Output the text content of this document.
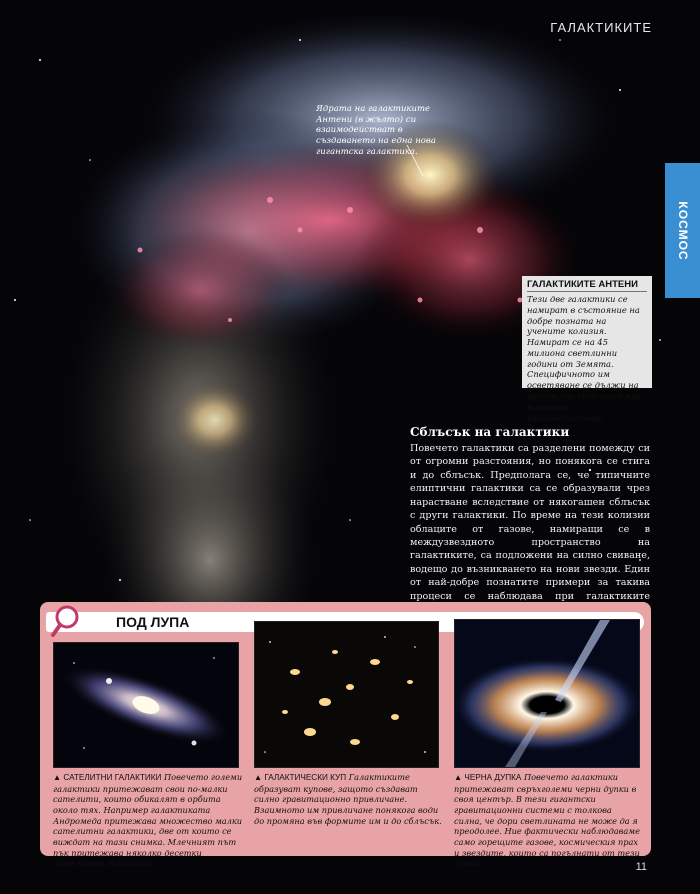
ГАЛАКТИКИТЕ
КОСМОС
Ядрата на галактиките Антени (в жълто) си взаимодействат в създаването на една нова гигантска галактика.
ГАЛАКТИКИТЕ АНТЕНИ
Тези две галактики се намират в състояние на добре позната на учените колизия. Намират се на 45 милиона светлинни години от Земята. Специфичното им осветяване се дължи на звездните експлозии при тяхното взаимодействие.
Сблъсък на галактики
Повечето галактики са разделени помежду си от огромни разстояния, но понякога се стига и до сблъсък. Предполага се, че типичните елиптични галактики са се образували чрез нарастване вследствие от някогашен сблъсък с други галактики. По време на тези колизии облаците от газове, намиращи се в междузвездното пространство на галактиките, са подложени на силно свиване, водещо до възникването на нови звезди. Един от най-добре познатите примери за такива процеси се наблюдава при галактиките
ПОД ЛУПА
▲ САТЕЛИТНИ ГАЛАКТИКИ Повечето големи галактики притежават свои по-малки сателити, които обикалят в орбита около тях. Например галактиката Андромеда притежава множество малки сателитни галактики, две от които се виждат на тази снимка. Млечният път пък притежава няколко десетки сателитни галактики.
▲ ГАЛАКТИЧЕСКИ КУП Галактиките образуват купове, защото създават силно гравитационно привличане. Взаимното им привличане понякога води до промяна във формите им и до сблъсък.
▲ ЧЕРНА ДУПКА Повечето галактики притежават свръхголеми черни дупки в своя център. В тези гигантски гравитационни системи с толкова силна, че дори светлината не може да я преодолее. Ние фактически наблюдаваме само горещите газове, космическия прах и звездите, които са погълнати от тези дупки.	11
